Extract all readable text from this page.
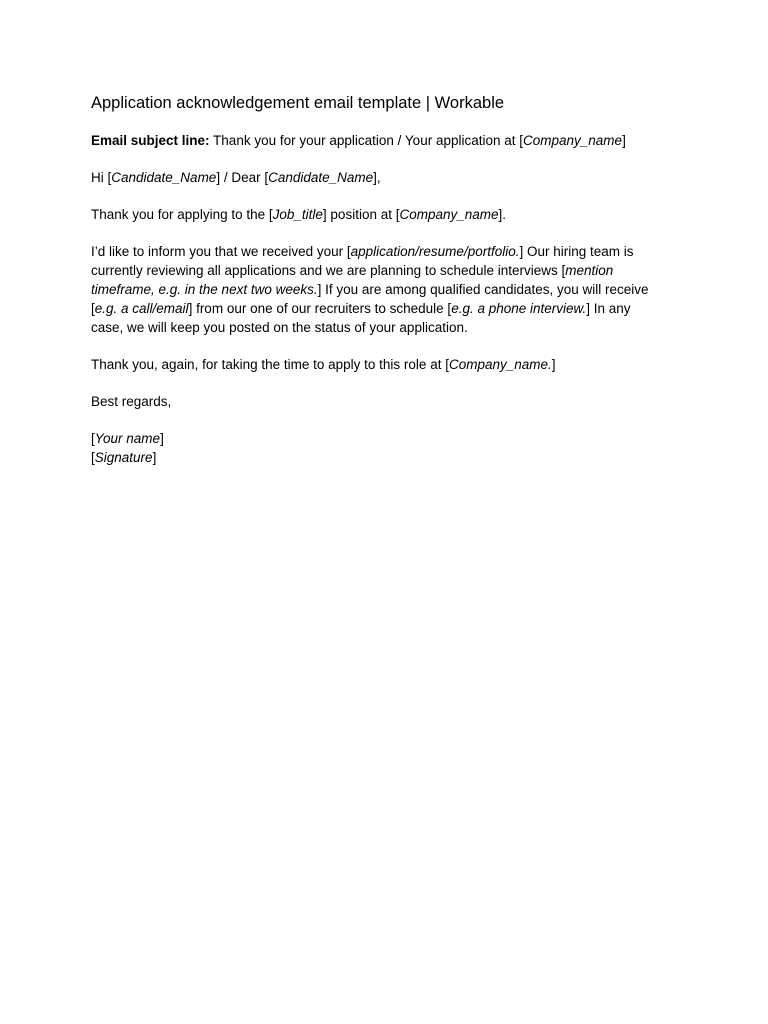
Application acknowledgement email template | Workable

Email subject line: Thank you for your application / Your application at [Company_name]

Hi [Candidate_Name] / Dear [Candidate_Name],

Thank you for applying to the [Job_title] position at [Company_name].

I’d like to inform you that we received your [application/resume/portfolio.] Our hiring team is currently reviewing all applications and we are planning to schedule interviews [mention timeframe, e.g. in the next two weeks.] If you are among qualified candidates, you will receive [e.g. a call/email] from our one of our recruiters to schedule [e.g. a phone interview.] In any case, we will keep you posted on the status of your application.

Thank you, again, for taking the time to apply to this role at [Company_name.]

Best regards,

[Your name]

[Signature]
